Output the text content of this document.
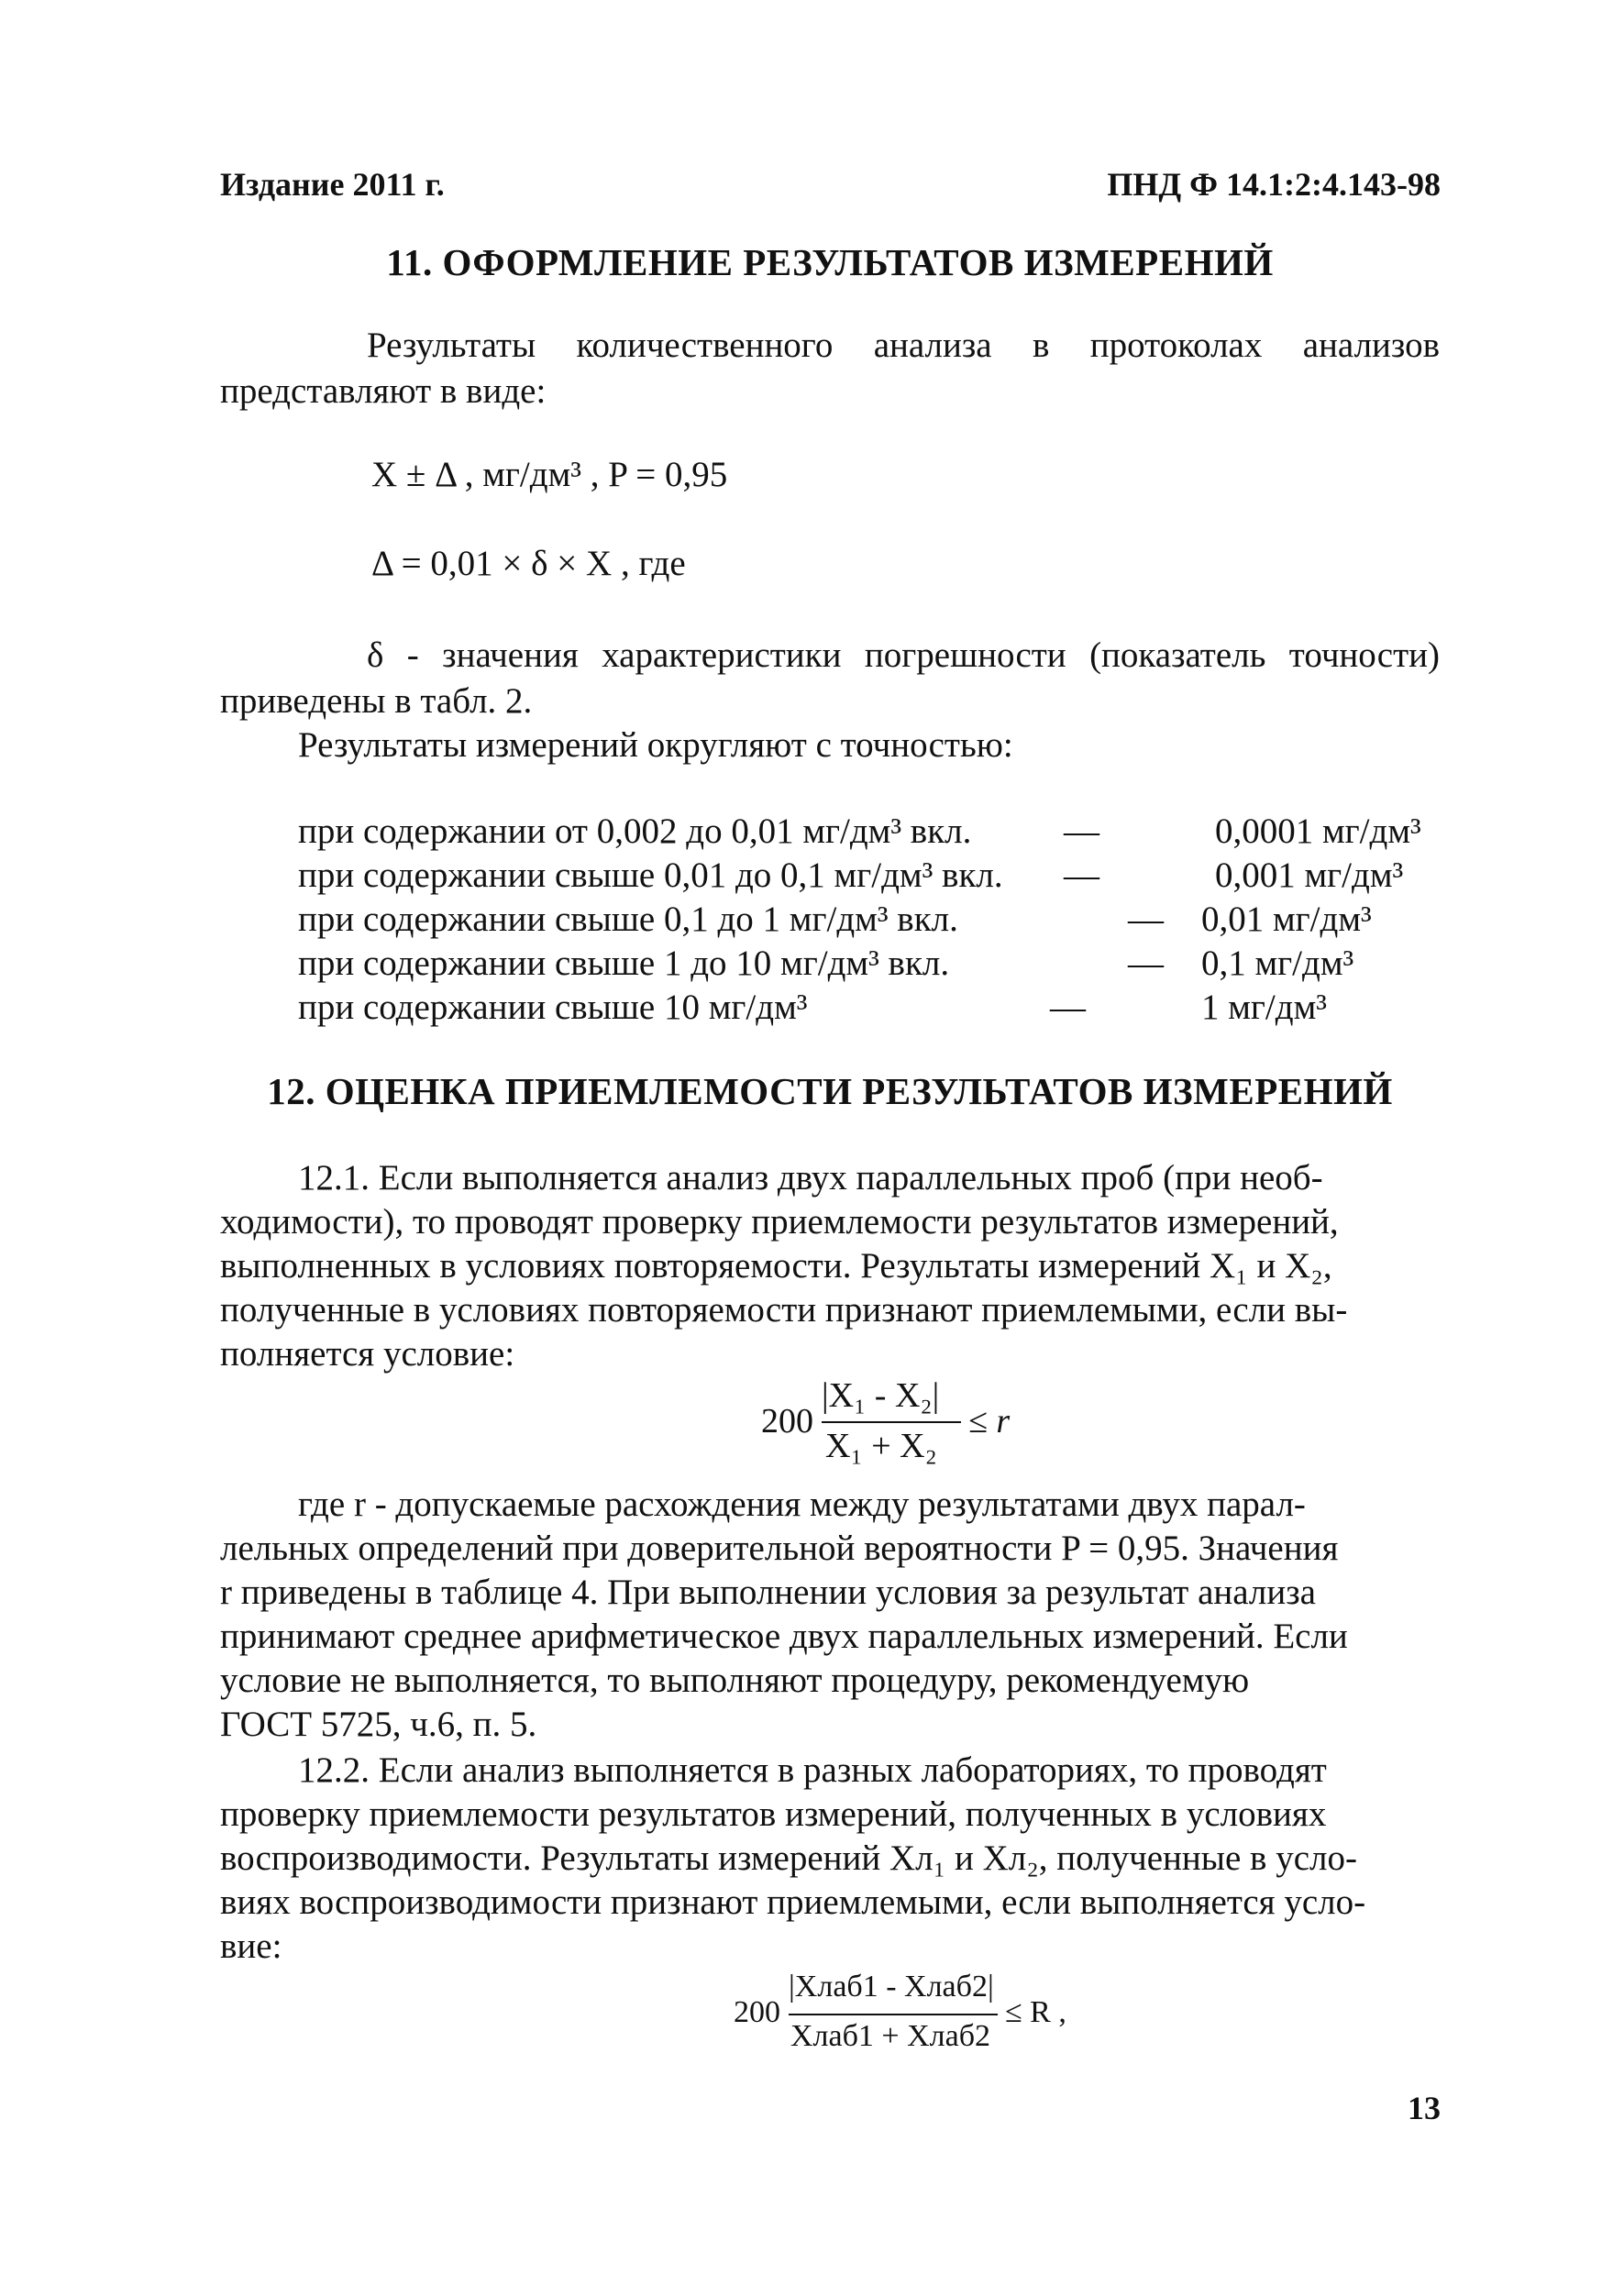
Издание 2011 г.	ПНД Ф 14.1:2:4.143-98
11. ОФОРМЛЕНИЕ РЕЗУЛЬТАТОВ ИЗМЕРЕНИЙ
Результаты количественного анализа в протоколах анализов представляют в виде:
X ± Δ , мг/дм³ , P = 0,95
Δ = 0,01 × δ × X , где
δ - значения характеристики погрешности (показатель точности) приведены в табл. 2.
Результаты измерений округляют с точностью:
при содержании от 0,002 до 0,01 мг/дм³ вкл.	—	0,0001 мг/дм³
при содержании свыше 0,01 до 0,1 мг/дм³ вкл. —	0,001 мг/дм³
при содержании свыше 0,1 до 1 мг/дм³ вкл.	— 0,01 мг/дм³
при содержании свыше 1 до 10 мг/дм³ вкл.	— 0,1 мг/дм³
при содержании свыше 10 мг/дм³	—	1 мг/дм³
12. ОЦЕНКА ПРИЕМЛЕМОСТИ РЕЗУЛЬТАТОВ ИЗМЕРЕНИЙ
12.1. Если выполняется анализ двух параллельных проб (при необ-
ходимости), то проводят проверку приемлемости результатов измерений,
выполненных в условиях повторяемости. Результаты измерений X₁ и X₂,
полученные в условиях повторяемости признают приемлемыми, если вы-
полняется условие:
200
|X₁ - X₂|
X₁ + X₂
≤ r
где r - допускаемые расхождения между результатами двух парал-
лельных определений при доверительной вероятности P = 0,95. Значения
r приведены в таблице 4. При выполнении условия за результат анализа
принимают среднее арифметическое двух параллельных измерений. Если
условие не выполняется, то выполняют процедуру, рекомендуемую
ГОСТ 5725, ч.6, п. 5.
12.2. Если анализ выполняется в разных лабораториях, то проводят
проверку приемлемости результатов измерений, полученных в условиях
воспроизводимости. Результаты измерений Xл₁ и Xл₂, полученные в усло-
виях воспроизводимости признают приемлемыми, если выполняется усло-
вие:
200
|Xлаб1 - Xлаб2|
Xлаб1 + Xлаб2
≤ R ,
13
